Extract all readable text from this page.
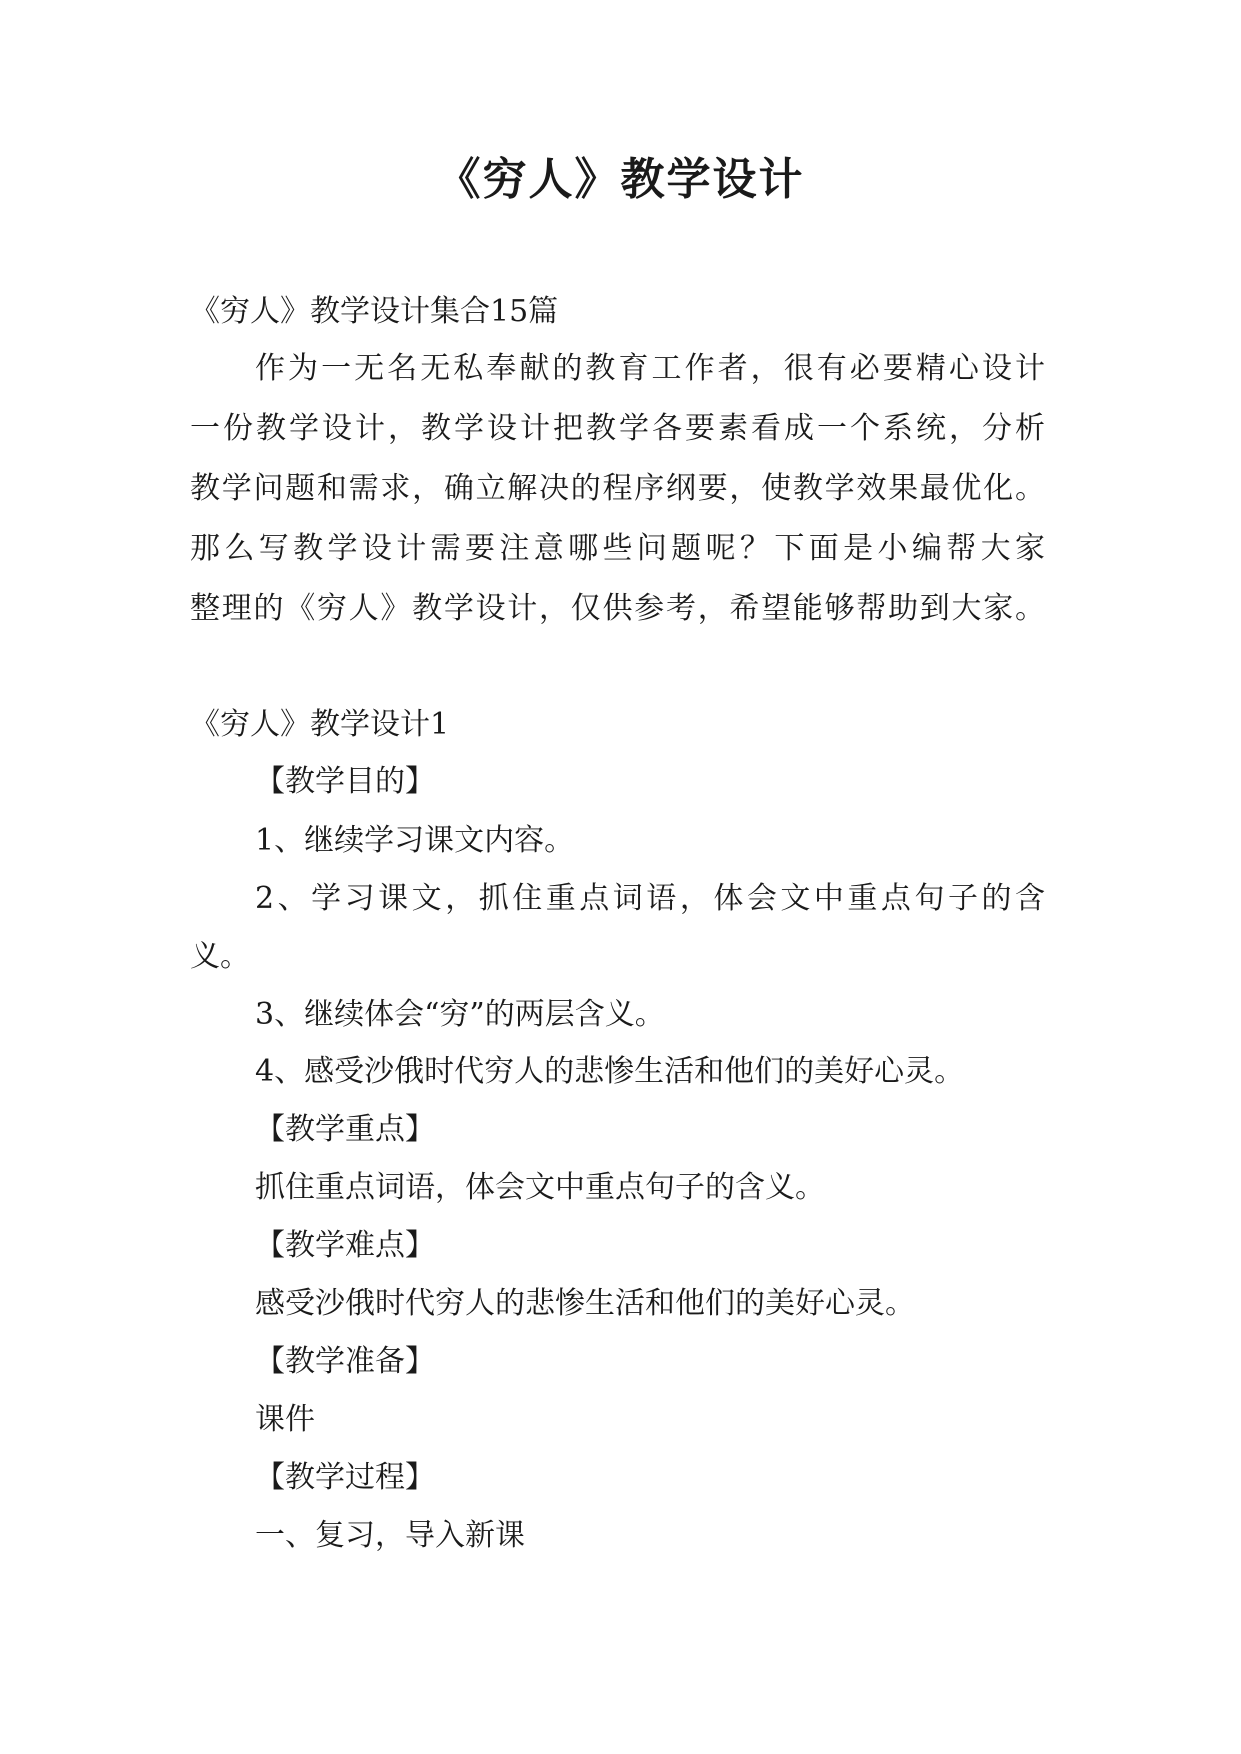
《穷人》教学设计

《穷人》教学设计集合15篇

作为一无名无私奉献的教育工作者，很有必要精心设计

一份教学设计，教学设计把教学各要素看成一个系统，分析

教学问题和需求，确立解决的程序纲要，使教学效果最优化。

那么写教学设计需要注意哪些问题呢？下面是小编帮大家

整理的《穷人》教学设计，仅供参考，希望能够帮助到大家。

《穷人》教学设计1

【教学目的】

1、继续学习课文内容。

2、学习课文，抓住重点词语，体会文中重点句子的含

义。

3、继续体会“穷”的两层含义。

4、感受沙俄时代穷人的悲惨生活和他们的美好心灵。

【教学重点】

抓住重点词语，体会文中重点句子的含义。

【教学难点】

感受沙俄时代穷人的悲惨生活和他们的美好心灵。

【教学准备】

课件

【教学过程】

一、复习，导入新课
